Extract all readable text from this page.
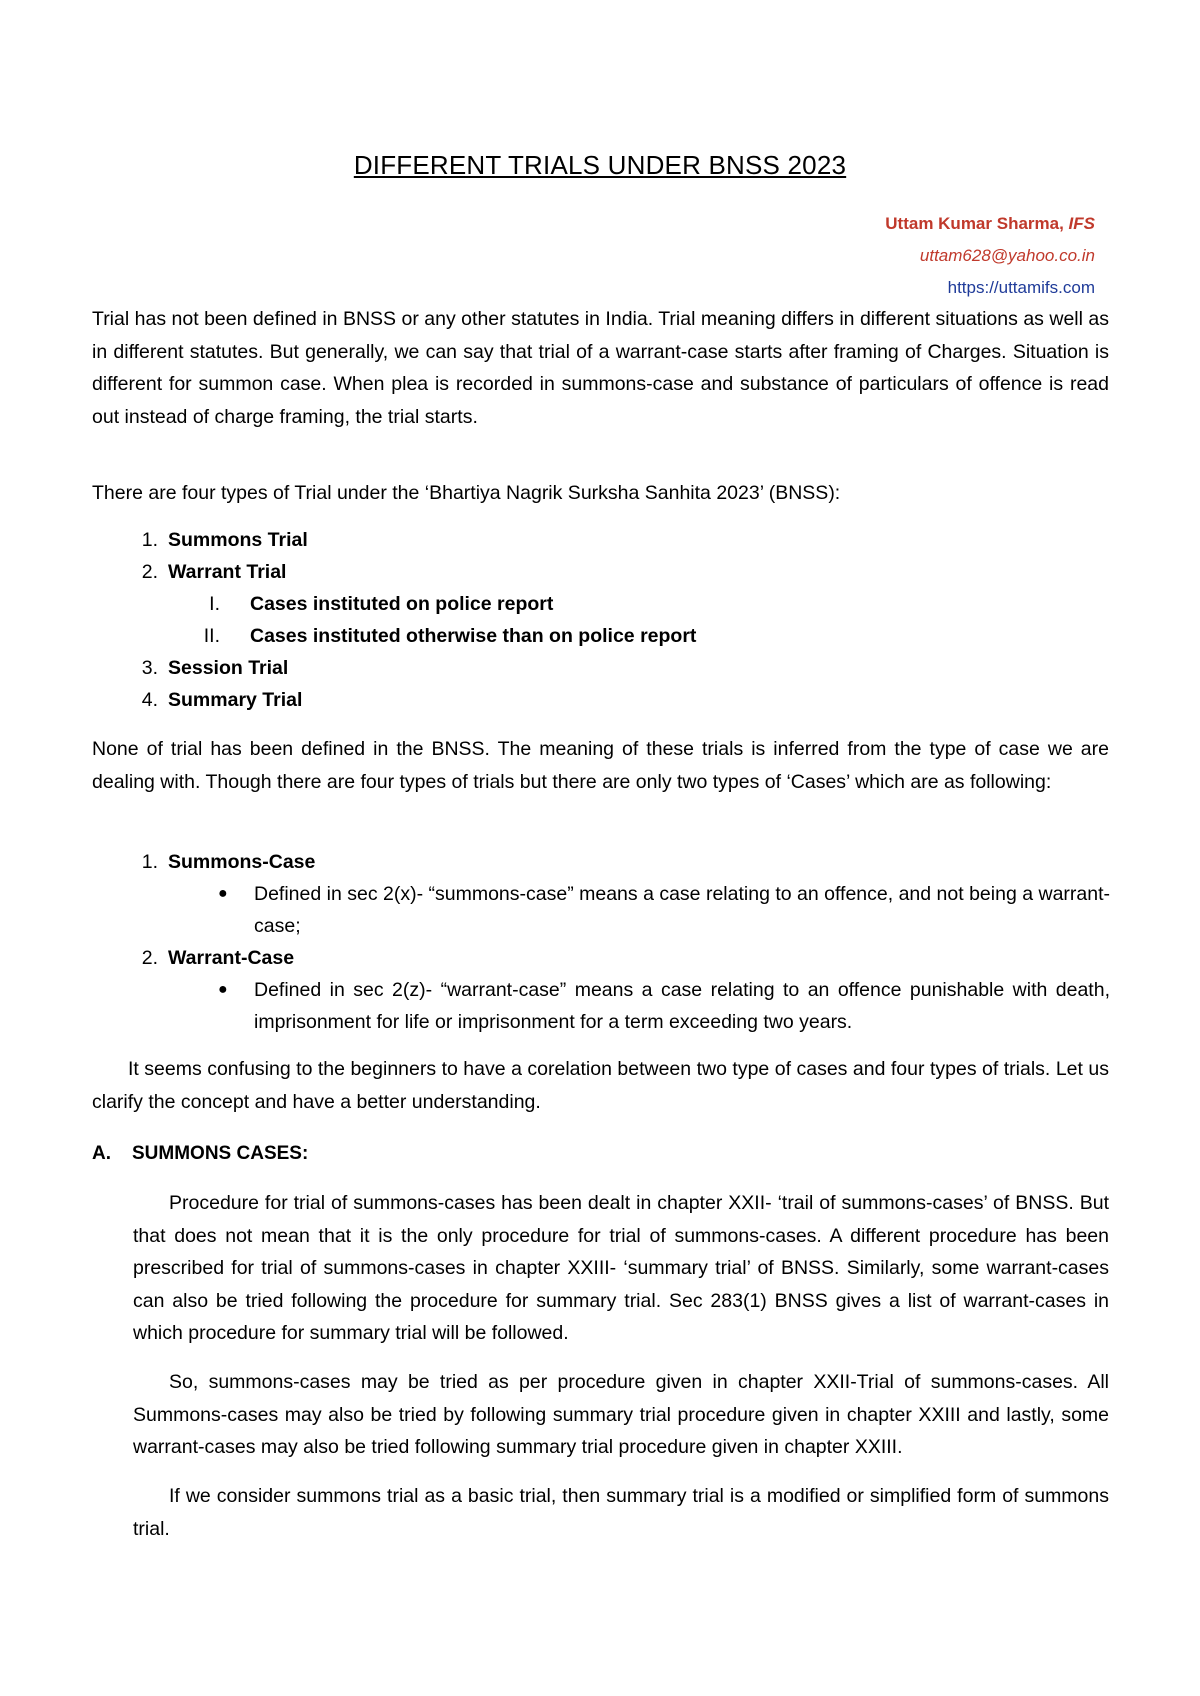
DIFFERENT TRIALS UNDER BNSS 2023
Uttam Kumar Sharma, IFS
uttam628@yahoo.co.in
https://uttamifs.com

Trial has not been defined in BNSS or any other statutes in India. Trial meaning differs in different situations as well as in different statutes. But generally, we can say that trial of a warrant-case starts after framing of Charges. Situation is different for summon case. When plea is recorded in summons-case and substance of particulars of offence is read out instead of charge framing, the trial starts.

There are four types of Trial under the ‘Bhartiya Nagrik Surksha Sanhita 2023’ (BNSS):

1. Summons Trial
2. Warrant Trial
I.	Cases instituted on police report
II.	Cases instituted otherwise than on police report
3. Session Trial
4. Summary Trial

None of trial has been defined in the BNSS. The meaning of these trials is inferred from the type of case we are dealing with. Though there are four types of trials but there are only two types of ‘Cases’ which are as following:

1. Summons-Case
●	Defined in sec 2(x)- “summons-case” means a case relating to an offence, and not being a warrant-case;
2. Warrant-Case
●	Defined in sec 2(z)- “warrant-case” means a case relating to an offence punishable with death, imprisonment for life or imprisonment for a term exceeding two years.

It seems confusing to the beginners to have a corelation between two type of cases and four types of trials. Let us clarify the concept and have a better understanding.

A. SUMMONS CASES:

Procedure for trial of summons-cases has been dealt in chapter XXII- ‘trail of summons-cases’ of BNSS. But that does not mean that it is the only procedure for trial of summons-cases. A different procedure has been prescribed for trial of summons-cases in chapter XXIII- ‘summary trial’ of BNSS. Similarly, some warrant-cases can also be tried following the procedure for summary trial. Sec 283(1) BNSS gives a list of warrant-cases in which procedure for summary trial will be followed.

So, summons-cases may be tried as per procedure given in chapter XXII-Trial of summons-cases. All Summons-cases may also be tried by following summary trial procedure given in chapter XXIII and lastly, some warrant-cases may also be tried following summary trial procedure given in chapter XXIII.

If we consider summons trial as a basic trial, then summary trial is a modified or simplified form of summons trial.
